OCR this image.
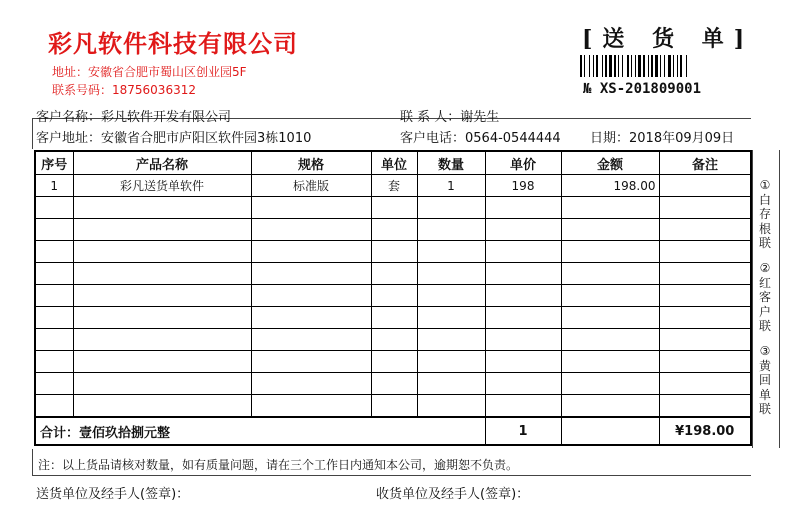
彩凡软件科技有限公司
地址：安徽省合肥市蜀山区创业园5F
联系号码：18756036312
[送 货 单]
№ XS-201809001
客户名称：彩凡软件开发有限公司	联 系 人：谢先生
客户地址：安徽省合肥市庐阳区软件园3栋1010	客户电话：0564-0544444 日期：2018年09月09日
序号	产品名称	规格	单位	数量	单价	金额	备注
1	彩凡送货单软件	标准版	套	1	198	198.00	

合计：壹佰玖拾捌元整					1		¥198.00
①白存根联
②红客户联
③黄回单联
注：以上货品请核对数量，如有质量问题，请在三个工作日内通知本公司，逾期恕不负责。
送货单位及经手人(签章)：	收货单位及经手人(签章)：
